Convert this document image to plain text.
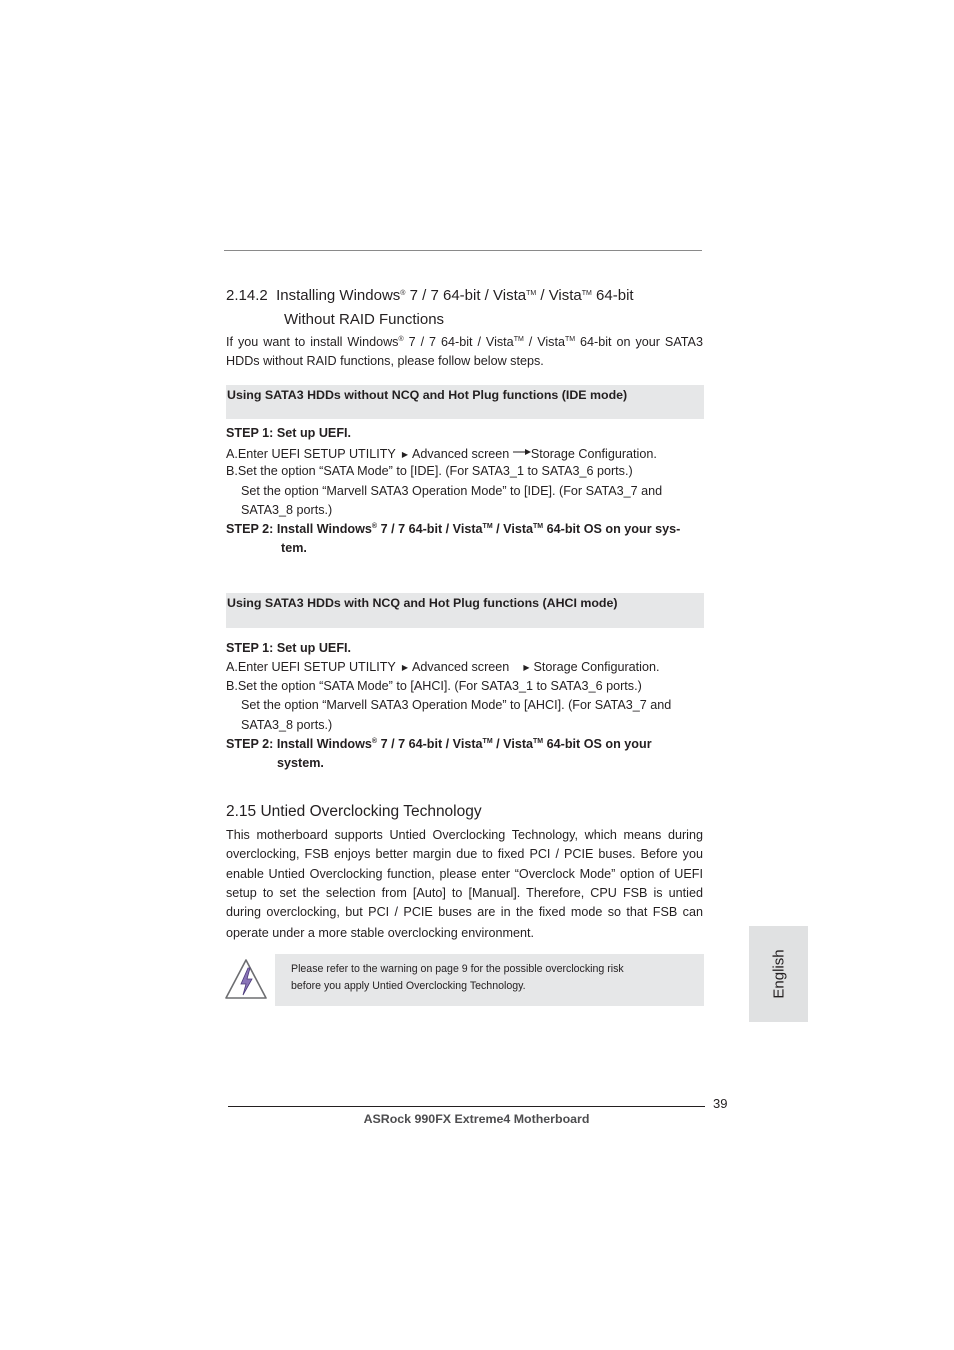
2.14.2 Installing Windows® 7 / 7 64-bit / Vista™ / Vista™ 64-bit
Without RAID Functions
If you want to install Windows® 7 / 7 64-bit / Vista™ / Vista™ 64-bit on your SATA3
HDDs without RAID functions, please follow below steps.
Using SATA3 HDDs without NCQ and Hot Plug functions (IDE mode)
STEP 1: Set up UEFI.
A.Enter UEFI SETUP UTILITY ▶ Advanced screen Storage Configuration.
B.Set the option “SATA Mode” to [IDE]. (For SATA3_1 to SATA3_6 ports.)
Set the option “Marvell SATA3 Operation Mode” to [IDE]. (For SATA3_7 and
SATA3_8 ports.)
STEP 2: Install Windows® 7 / 7 64-bit / Vista™ / Vista™ 64-bit OS on your sys-
tem.
Using SATA3 HDDs with NCQ and Hot Plug functions (AHCI mode)
STEP 1: Set up UEFI.
A.Enter UEFI SETUP UTILITY ▶ Advanced screen ▶ Storage Configuration.
B.Set the option “SATA Mode” to [AHCI]. (For SATA3_1 to SATA3_6 ports.)
Set the option “Marvell SATA3 Operation Mode” to [AHCI]. (For SATA3_7 and
SATA3_8 ports.)
STEP 2: Install Windows® 7 / 7 64-bit / Vista™ / Vista™ 64-bit OS on your
system.
2.15 Untied Overclocking Technology
This motherboard supports Untied Overclocking Technology, which means during
overclocking, FSB enjoys better margin due to fixed PCI / PCIE buses. Before you
enable Untied Overclocking function, please enter “Overclock Mode” option of UEFI
setup to set the selection from [Auto] to [Manual]. Therefore, CPU FSB is untied
during overclocking, but PCI / PCIE buses are in the fixed mode so that FSB can
operate under a more stable overclocking environment.
Please refer to the warning on page 9 for the possible overclocking risk
before you apply Untied Overclocking Technology.	English
39
ASRock 990FX Extreme4 Motherboard
